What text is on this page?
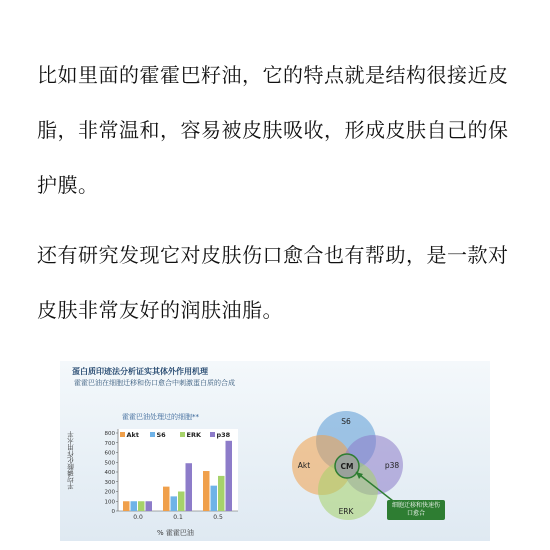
比如里面的霍霍巴籽油，它的特点就是结构很接近皮脂，非常温和，容易被皮肤吸收，形成皮肤自己的保护膜。

还有研究发现它对皮肤伤口愈合也有帮助，是一款对皮肤非常友好的润肤油脂。

蛋白质印迹法分析证实其体外作用机理
霍霍巴油在细胞迁移和伤口愈合中刺激蛋白质的合成
霍霍巴油处理过的细胞**
0
100
200
300
400
500
600
700
800
0.0	0.1	0.5
Akt	S6	ERK p38
S6
Akt	p38
ERK
CM
平均磷酸化作用水平
% 霍霍巴油
细胞迁移和快速伤口愈合
